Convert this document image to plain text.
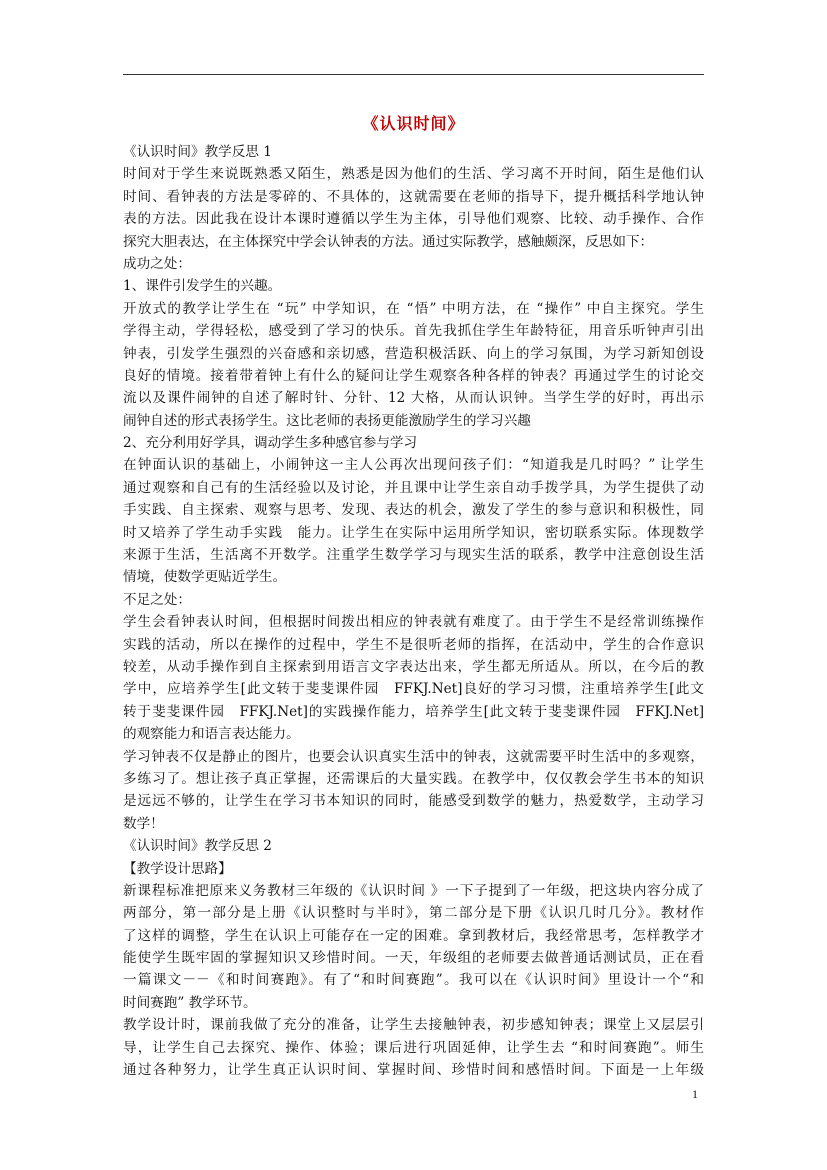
《认识时间》
《认识时间》教学反思 1
时间对于学生来说既熟悉又陌生，熟悉是因为他们的生活、学习离不开时间，陌生是他们认
时间、看钟表的方法是零碎的、不具体的，这就需要在老师的指导下，提升概括科学地认钟
表的方法。因此我在设计本课时遵循以学生为主体，引导他们观察、比较、动手操作、合作
探究大胆表达，在主体探究中学会认钟表的方法。通过实际教学，感触颇深，反思如下：
成功之处：
1、课件引发学生的兴趣。
开放式的教学让学生在 “玩” 中学知识，在 “悟” 中明方法，在 “操作” 中自主探究。学生
学得主动，学得轻松，感受到了学习的快乐。首先我抓住学生年龄特征，用音乐听钟声引出
钟表，引发学生强烈的兴奋感和亲切感，营造积极活跃、向上的学习氛围，为学习新知创设
良好的情境。接着带着钟上有什么的疑问让学生观察各种各样的钟表？再通过学生的讨论交
流以及课件闹钟的自述了解时针、分针、12 大格，从而认识钟。当学生学的好时，再出示
闹钟自述的形式表扬学生。这比老师的表扬更能激励学生的学习兴趣
2、充分利用好学具，调动学生多种感官参与学习
在钟面认识的基础上，小闹钟这一主人公再次出现问孩子们：“知道我是几时吗？” 让学生
通过观察和自己有的生活经验以及讨论，并且课中让学生亲自动手拨学具，为学生提供了动
手实践、自主探索、观察与思考、发现、表达的机会，激发了学生的参与意识和积极性，同
时又培养了学生动手实践　能力。让学生在实际中运用所学知识，密切联系实际。体现数学
来源于生活，生活离不开数学。注重学生数学学习与现实生活的联系，教学中注意创设生活
情境，使数学更贴近学生。
不足之处：
学生会看钟表认时间，但根据时间拨出相应的钟表就有难度了。由于学生不是经常训练操作
实践的活动，所以在操作的过程中，学生不是很听老师的指挥，在活动中，学生的合作意识
较差，从动手操作到自主探索到用语言文字表达出来，学生都无所适从。所以，在今后的教
学中，应培养学生[此文转于斐斐课件园　FFKJ.Net]良好的学习习惯，注重培养学生[此文
转于斐斐课件园　FFKJ.Net]的实践操作能力，培养学生[此文转于斐斐课件园　FFKJ.Net]
的观察能力和语言表达能力。
学习钟表不仅是静止的图片，也要会认识真实生活中的钟表，这就需要平时生活中的多观察，
多练习了。想让孩子真正掌握，还需课后的大量实践。在教学中，仅仅教会学生书本的知识
是远远不够的，让学生在学习书本知识的同时，能感受到数学的魅力，热爱数学，主动学习
数学！
《认识时间》教学反思 2
【教学设计思路】
新课程标准把原来义务教材三年级的《认识时间 》一下子提到了一年级，把这块内容分成了
两部分，第一部分是上册《认识整时与半时》，第二部分是下册《认识几时几分》。教材作
了这样的调整，学生在认识上可能存在一定的困难。拿到教材后，我经常思考，怎样教学才
能使学生既牢固的掌握知识又珍惜时间。一天，年级组的老师要去做普通话测试员，正在看
一篇课文－－《和时间赛跑》。有了“和时间赛跑”。我可以在《认识时间》里设计一个“和
时间赛跑” 教学环节。
教学设计时，课前我做了充分的准备，让学生去接触钟表，初步感知钟表；课堂上又层层引
导，让学生自己去探究、操作、体验；课后进行巩固延伸，让学生去 “和时间赛跑”。师生
通过各种努力，让学生真正认识时间、掌握时间、珍惜时间和感悟时间。下面是一上年级
1
